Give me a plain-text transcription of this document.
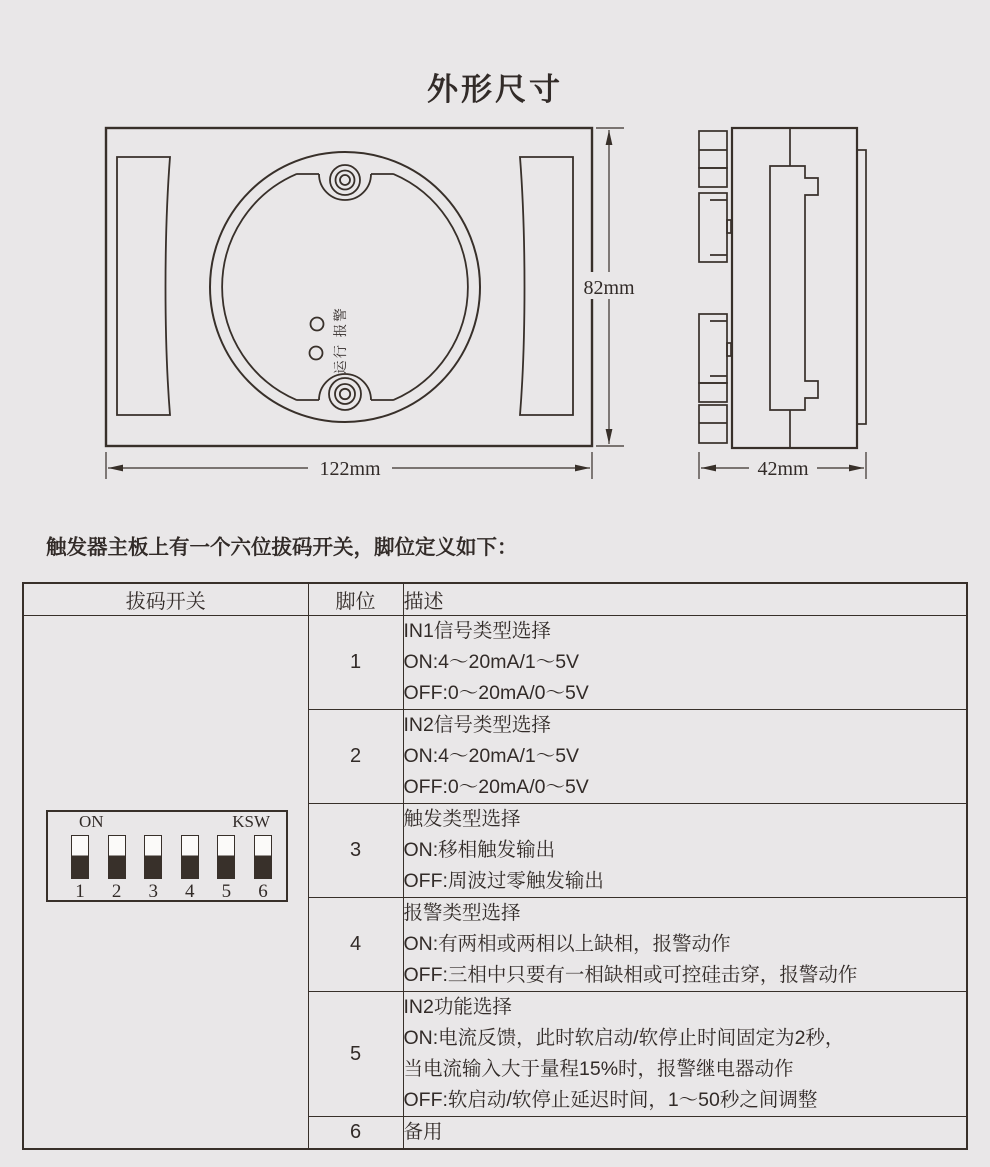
外形尺寸
运行 报警
82mm
122mm	42mm

触发器主板上有一个六位拔码开关，脚位定义如下：

拔码开关	脚位	描述
	1	IN1信号类型选择
ON:4～20mA/1～5V
OFF:0～20mA/0～5V

	2	IN2信号类型选择
ON:4～20mA/1～5V
OFF:0～20mA/0～5V

	3	触发类型选择
ON:移相触发输出
OFF:周波过零触发输出

	4	报警类型选择
ON:有两相或两相以上缺相，报警动作
OFF:三相中只要有一相缺相或可控硅击穿，报警动作

	5	IN2功能选择
ON:电流反馈，此时软启动/软停止时间固定为2秒，
当电流输入大于量程15%时，报警继电器动作
OFF:软启动/软停止延迟时间，1～50秒之间调整

	6	备用
ON	KSW
1 2 3 4 5 6
